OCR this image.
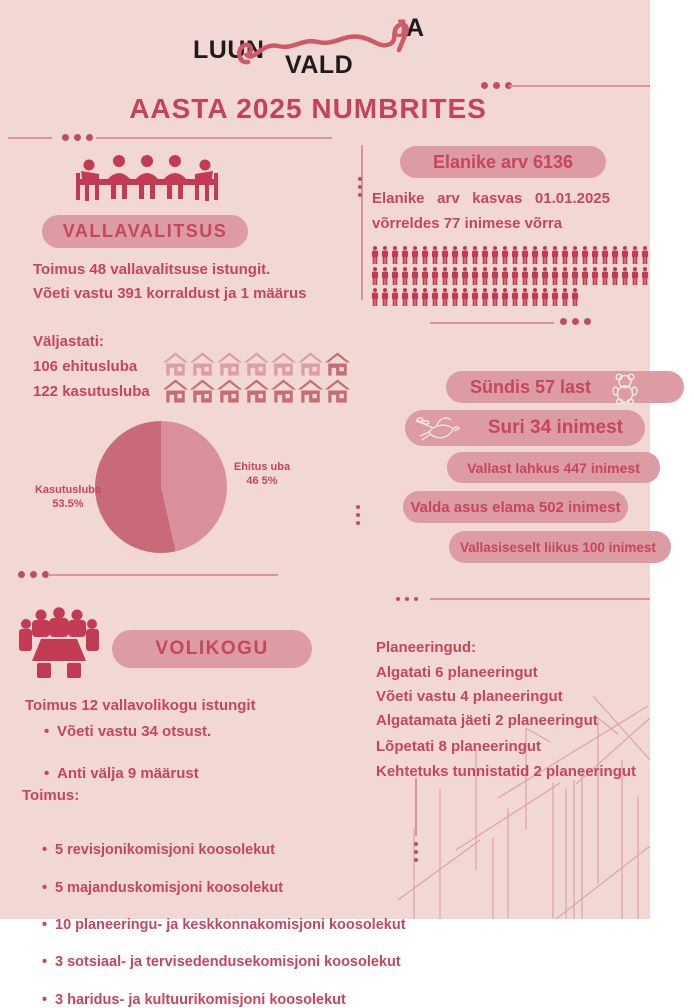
LUUN
J
A
VALD
AASTA 2025 NUMBRITES
VALLAVALITSUS
Toimus 48 vallavalitsuse istungit.
Võeti vastu 391 korraldust ja 1 määrus
Elanike arv 6136
Elanike arv kasvas 01.01.2025
võrreldes 77 inimese võrra
Väljastati:
106 ehitusluba
122 kasutusluba
Ehitus uba
46 5%
Kasutusluba
53.5%
Sündis 57 last
Suri 34 inimest
Vallast lahkus 447 inimest
Valda asus elama 502 inimest
Vallasiseselt liikus 100 inimest
VOLIKOGU
Toimus 12 vallavolikogu istungit
• Võeti vastu 34 otsust.
• Anti välja 9 määrust
Toimus:
• 5 revisjonikomisjoni koosolekut
• 5 majanduskomisjoni koosolekut
• 10 planeeringu- ja keskkonnakomisjoni koosolekut
• 3 sotsiaal- ja tervisedendusekomisjoni koosolekut
• 3 haridus- ja kultuurikomisjoni koosolekut
Planeeringud:
Algatati 6 planeeringut
Võeti vastu 4 planeeringut
Algatamata jäeti 2 planeeringut
Lõpetati 8 planeeringut
Kehtetuks tunnistatid 2 planeeringut
